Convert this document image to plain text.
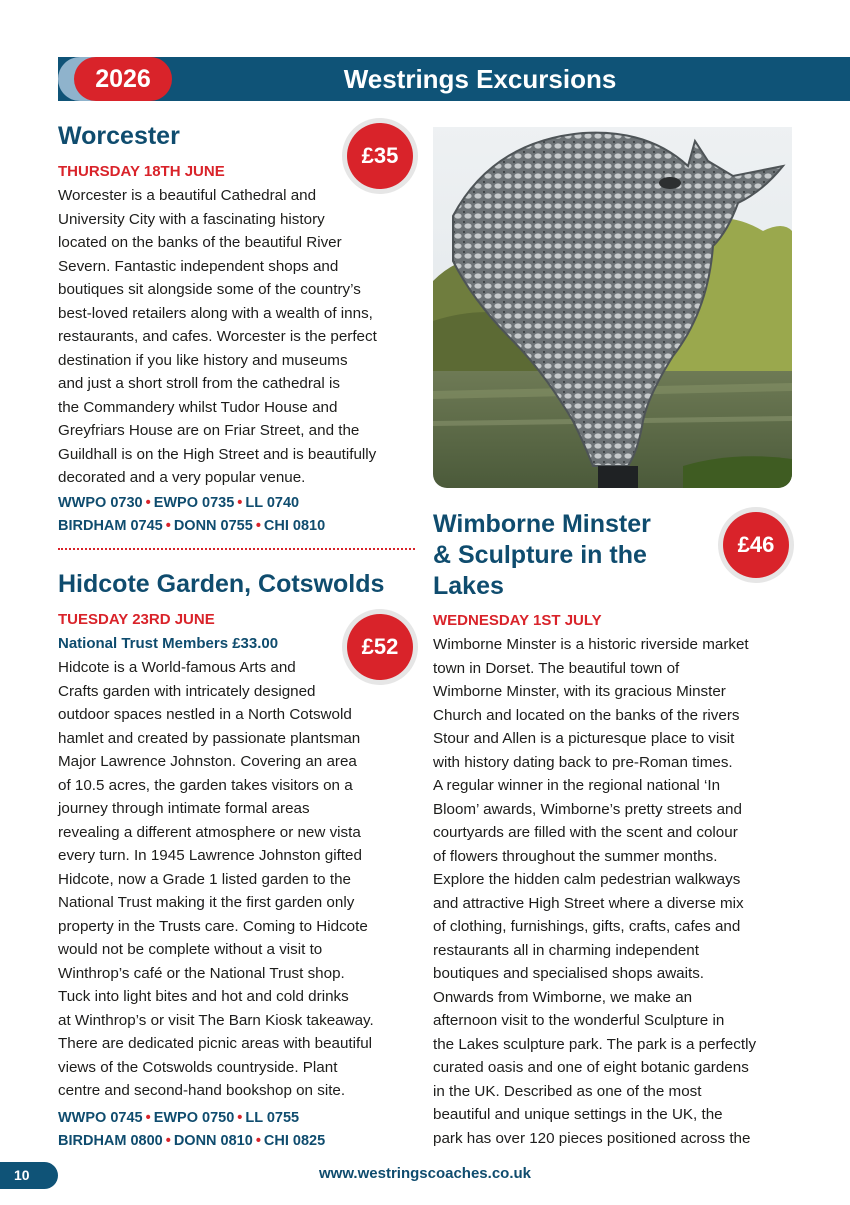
2026	Westrings Excursions
Worcester
£35
THURSDAY 18TH JUNE

Worcester is a beautiful Cathedral and
University City with a fascinating history
located on the banks of the beautiful River
Severn. Fantastic independent shops and
boutiques sit alongside some of the country’s
best-loved retailers along with a wealth of inns,
restaurants, and cafes. Worcester is the perfect
destination if you like history and museums
and just a short stroll from the cathedral is
the Commandery whilst Tudor House and
Greyfriars House are on Friar Street, and the
Guildhall is on the High Street and is beautifully
decorated and a very popular venue.

WWPO 0730 • EWPO 0735 • LL 0740
BIRDHAM 0745 • DONN 0755 • CHI 0810
Hidcote Garden, Cotswolds
TUESDAY 23RD JUNE
National Trust Members £33.00	£52

Hidcote is a World-famous Arts and
Crafts garden with intricately designed
outdoor spaces nestled in a North Cotswold
hamlet and created by passionate plantsman
Major Lawrence Johnston. Covering an area
of 10.5 acres, the garden takes visitors on a
journey through intimate formal areas
revealing a different atmosphere or new vista
every turn. In 1945 Lawrence Johnston gifted
Hidcote, now a Grade 1 listed garden to the
National Trust making it the first garden only
property in the Trusts care. Coming to Hidcote
would not be complete without a visit to
Winthrop’s café or the National Trust shop.
Tuck into light bites and hot and cold drinks
at Winthrop’s or visit The Barn Kiosk takeaway.
There are dedicated picnic areas with beautiful
views of the Cotswolds countryside. Plant
centre and second-hand bookshop on site.

WWPO 0745 • EWPO 0750 • LL 0755
BIRDHAM 0800 • DONN 0810 • CHI 0825
Wimborne Minster
& Sculpture in the
Lakes
£46
WEDNESDAY 1ST JULY

Wimborne Minster is a historic riverside market
town in Dorset. The beautiful town of
Wimborne Minster, with its gracious Minster
Church and located on the banks of the rivers
Stour and Allen is a picturesque place to visit
with history dating back to pre-Roman times.
A regular winner in the regional national ‘In
Bloom’ awards, Wimborne’s pretty streets and
courtyards are filled with the scent and colour
of flowers throughout the summer months.
Explore the hidden calm pedestrian walkways
and attractive High Street where a diverse mix
of clothing, furnishings, gifts, crafts, cafes and
restaurants all in charming independent
boutiques and specialised shops awaits.
Onwards from Wimborne, we make an
afternoon visit to the wonderful Sculpture in
the Lakes sculpture park. The park is a perfectly
curated oasis and one of eight botanic gardens
in the UK. Described as one of the most
beautiful and unique settings in the UK, the
park has over 120 pieces positioned across the

10	www.westringscoaches.co.uk
